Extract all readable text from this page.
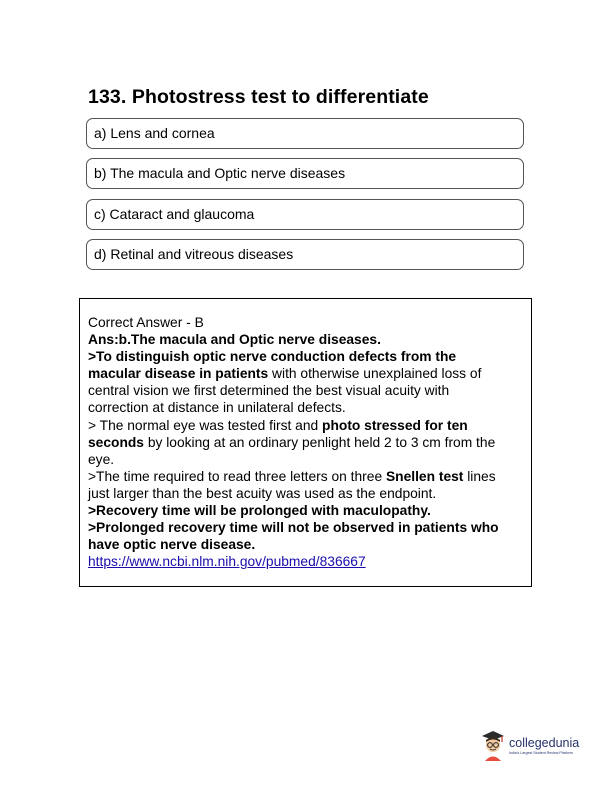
133. Photostress test to differentiate
a) Lens and cornea
b) The macula and Optic nerve diseases
c) Cataract and glaucoma
d) Retinal and vitreous diseases

Correct Answer - B

Ans:b.The macula and Optic nerve diseases.

>To distinguish optic nerve conduction defects from the

macular disease in patients with otherwise unexplained loss of

central vision we first determined the best visual acuity with

correction at distance in unilateral defects.

> The normal eye was tested first and photo stressed for ten

seconds by looking at an ordinary penlight held 2 to 3 cm from the

eye.

>The time required to read three letters on three Snellen test lines

just larger than the best acuity was used as the endpoint.

>Recovery time will be prolonged with maculopathy.

>Prolonged recovery time will not be observed in patients who

have optic nerve disease.

https://www.ncbi.nlm.nih.gov/pubmed/836667

collegedunia
India's Largest Student Review Platform
